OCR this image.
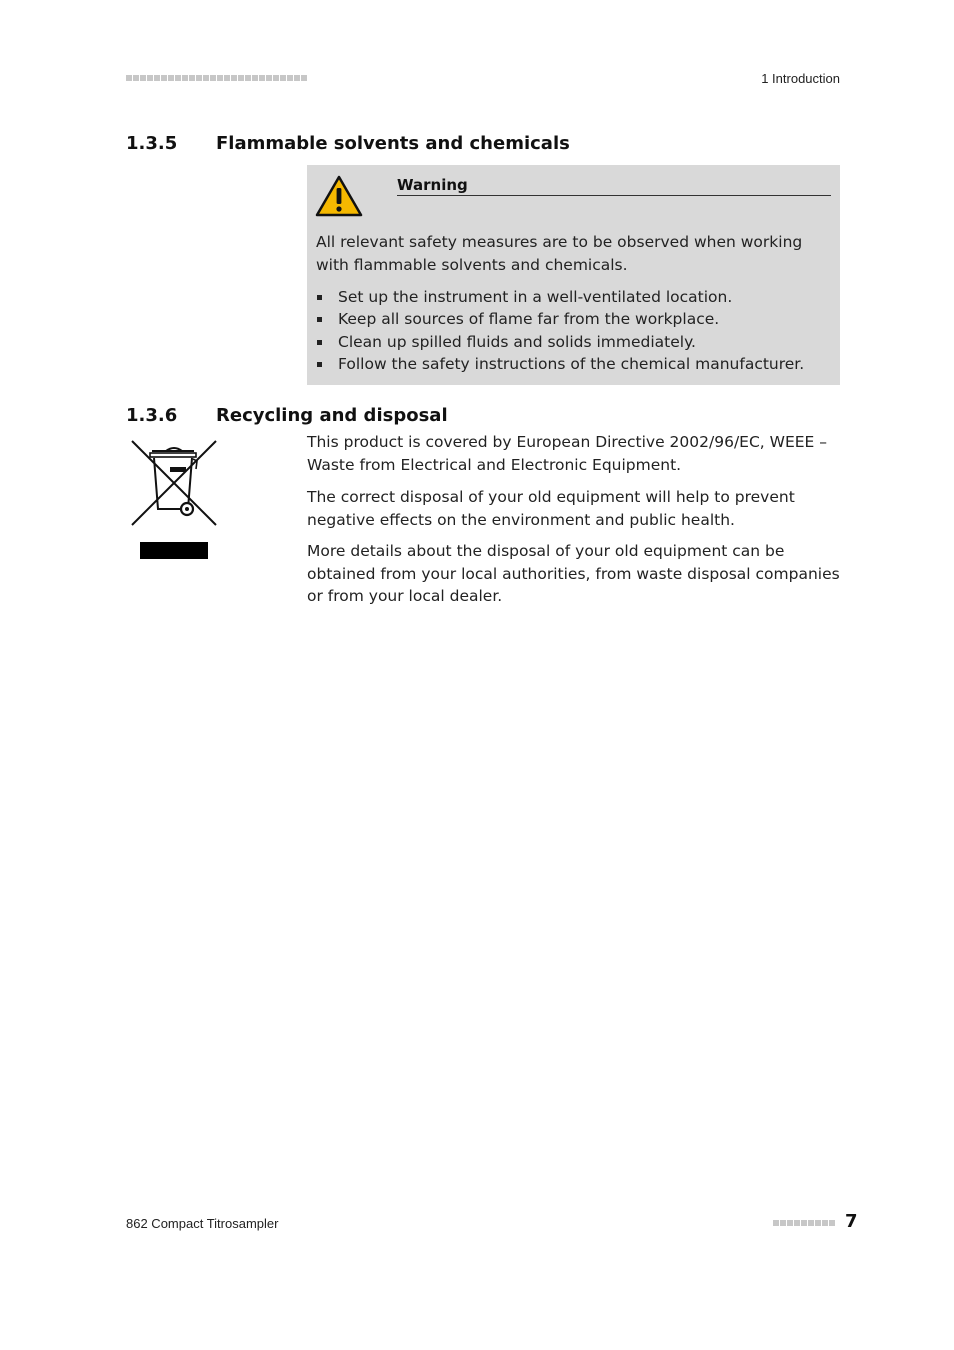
1 Introduction
1.3.5 Flammable solvents and chemicals
Warning

All relevant safety measures are to be observed when working with flammable solvents and chemicals.

Set up the instrument in a well-ventilated location.
Keep all sources of flame far from the workplace.
Clean up spilled fluids and solids immediately.
Follow the safety instructions of the chemical manufacturer.
1.3.6 Recycling and disposal

This product is covered by European Directive 2002/96/EC, WEEE – Waste from Electrical and Electronic Equipment.

The correct disposal of your old equipment will help to prevent negative effects on the environment and public health.

More details about the disposal of your old equipment can be obtained from your local authorities, from waste disposal companies or from your local dealer.

862 Compact Titrosampler	7
